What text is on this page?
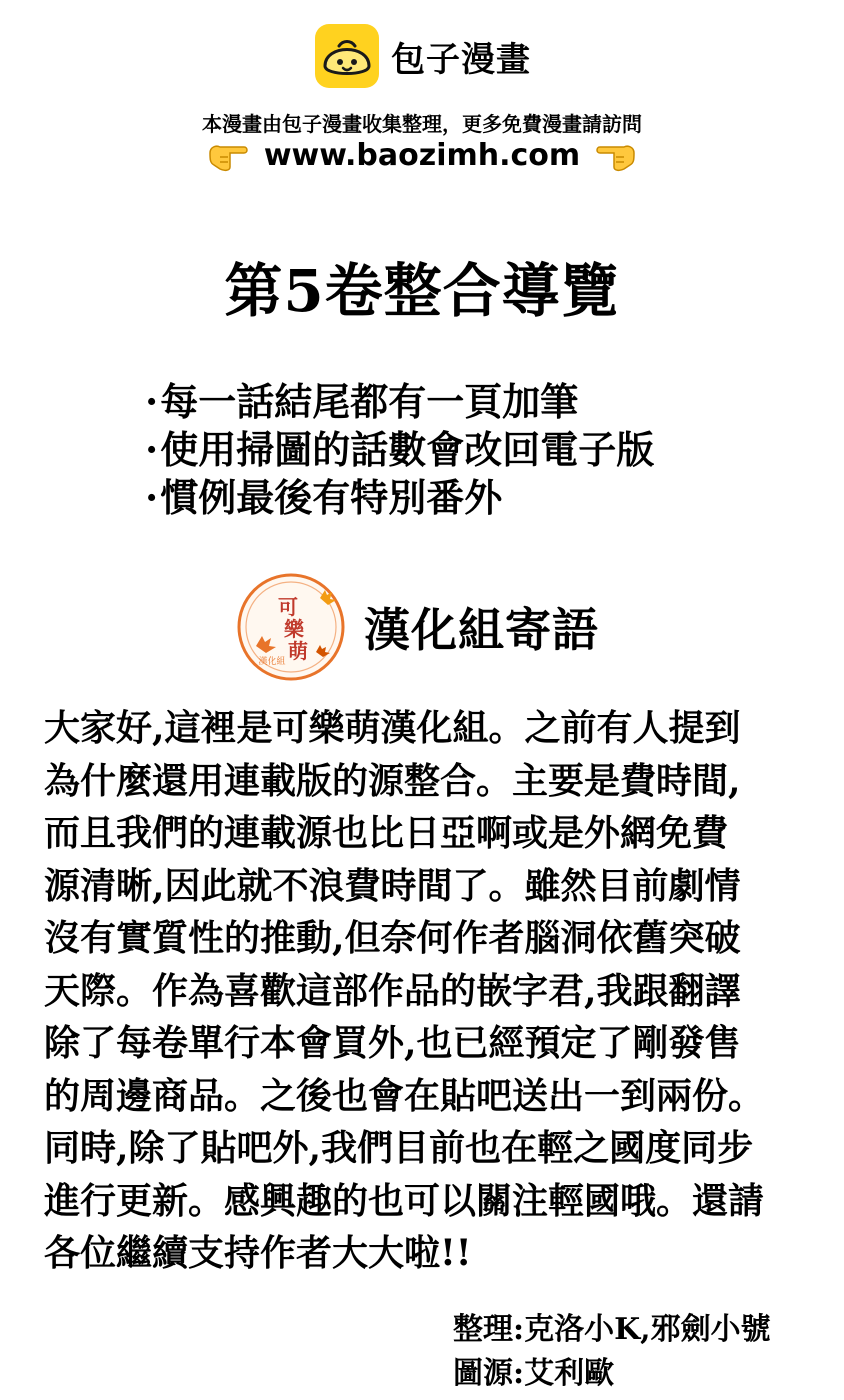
包子漫畫
本漫畫由包子漫畫收集整理，更多免費漫畫請訪問
www.baozimh.com
第5卷整合導覽
· 每一話結尾都有一頁加筆
· 使用掃圖的話數會改回電子版
· 慣例最後有特別番外
可
樂
萌
漢化組
漢化組寄語
大家好,這裡是可樂萌漢化組。之前有人提到
為什麼還用連載版的源整合。主要是費時間,
而且我們的連載源也比日亞啊或是外網免費
源清晰,因此就不浪費時間了。雖然目前劇情
沒有實質性的推動,但奈何作者腦洞依舊突破
天際。作為喜歡這部作品的嵌字君,我跟翻譯
除了每卷單行本會買外,也已經預定了剛發售
的周邊商品。之後也會在貼吧送出一到兩份。
同時,除了貼吧外,我們目前也在輕之國度同步
進行更新。感興趣的也可以關注輕國哦。還請
各位繼續支持作者大大啦!!
整理:克洛小K,邪劍小號
圖源:艾利歐
